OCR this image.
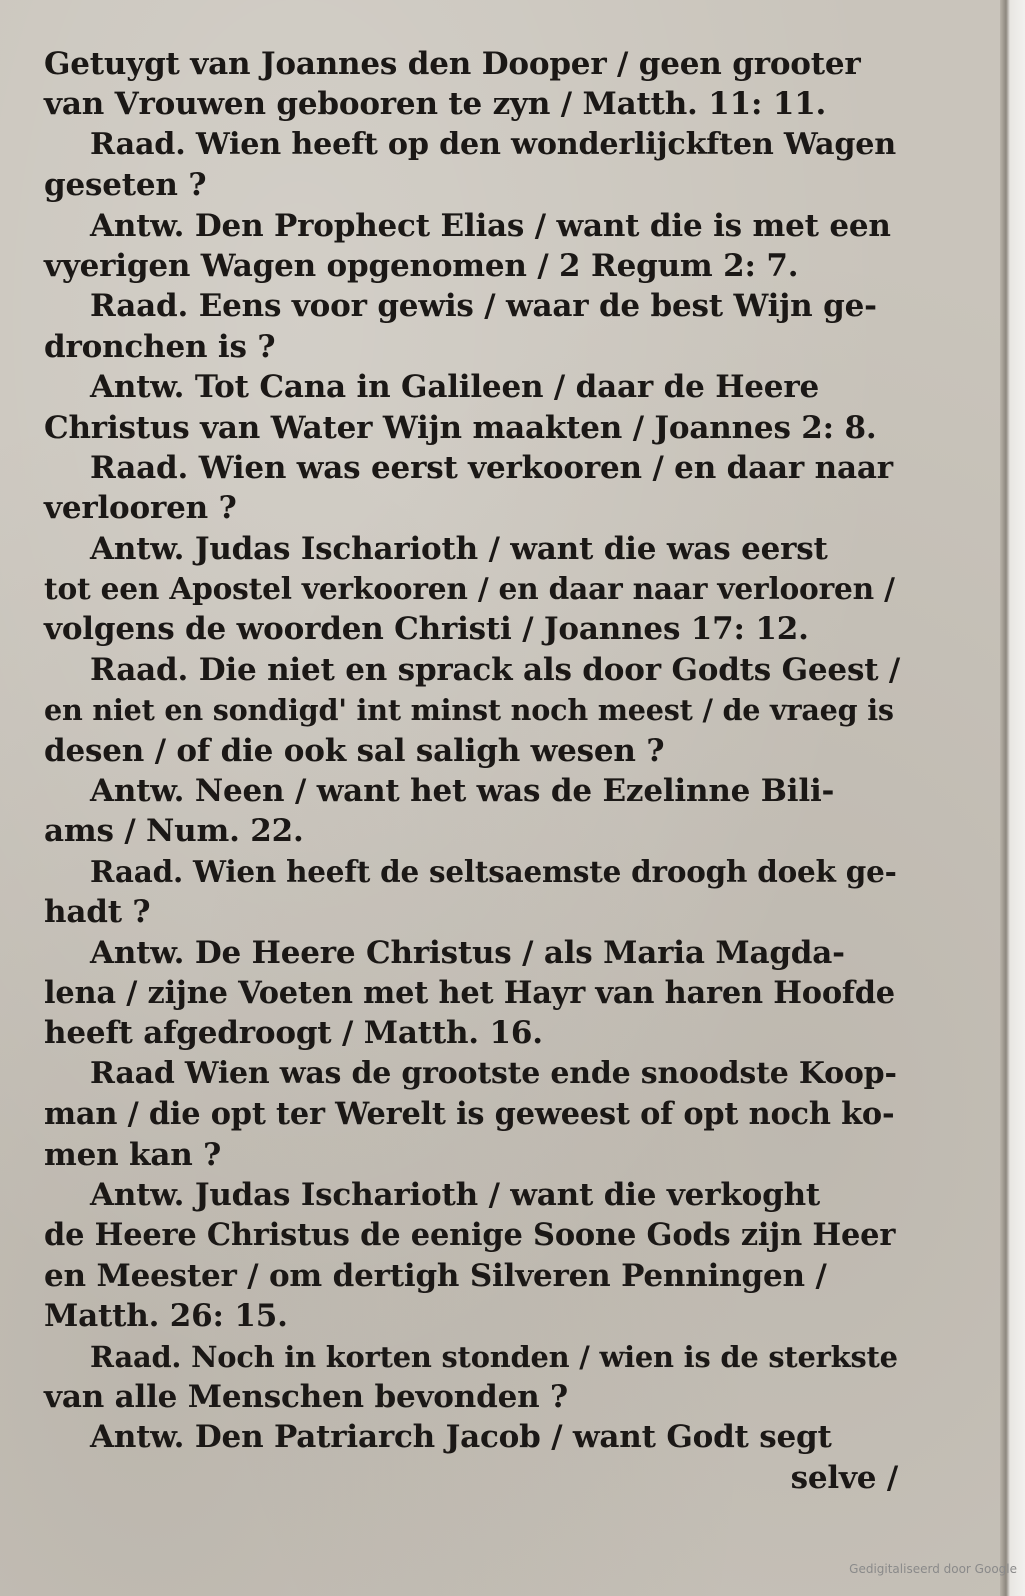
Getuygt van Joannes den Dooper / geen grooter
van Vrouwen gebooren te zyn / Matth. 11: 11.
Raad. Wien heeft op den wonderlijckften Wagen
geseten ?
Antw. Den Prophect Elias / want die is met een
vyerigen Wagen opgenomen / 2 Regum 2: 7.
Raad. Eens voor gewis / waar de best Wijn ge-
dronchen is ?
Antw. Tot Cana in Galileen / daar de Heere
Christus van Water Wijn maakten / Joannes 2: 8.
Raad. Wien was eerst verkooren / en daar naar
verlooren ?
Antw. Judas Ischarioth / want die was eerst
tot een Apostel verkooren / en daar naar verlooren /
volgens de woorden Christi / Joannes 17: 12.
Raad. Die niet en sprack als door Godts Geest /
en niet en sondigd' int minst noch meest / de vraeg is
desen / of die ook sal saligh wesen ?
Antw. Neen / want het was de Ezelinne Bili-
ams / Num. 22.
Raad. Wien heeft de seltsaemste droogh doek ge-
hadt ?
Antw. De Heere Christus / als Maria Magda-
lena / zijne Voeten met het Hayr van haren Hoofde
heeft afgedroogt / Matth. 16.
Raad Wien was de grootste ende snoodste Koop-
man / die opt ter Werelt is geweest of opt noch ko-
men kan ?
Antw. Judas Ischarioth / want die verkoght
de Heere Christus de eenige Soone Gods zijn Heer
en Meester / om dertigh Silveren Penningen /
Matth. 26: 15.
Raad. Noch in korten stonden / wien is de sterkste
van alle Menschen bevonden ?
Antw. Den Patriarch Jacob / want Godt segt
selve /
Gedigitaliseerd door Google
